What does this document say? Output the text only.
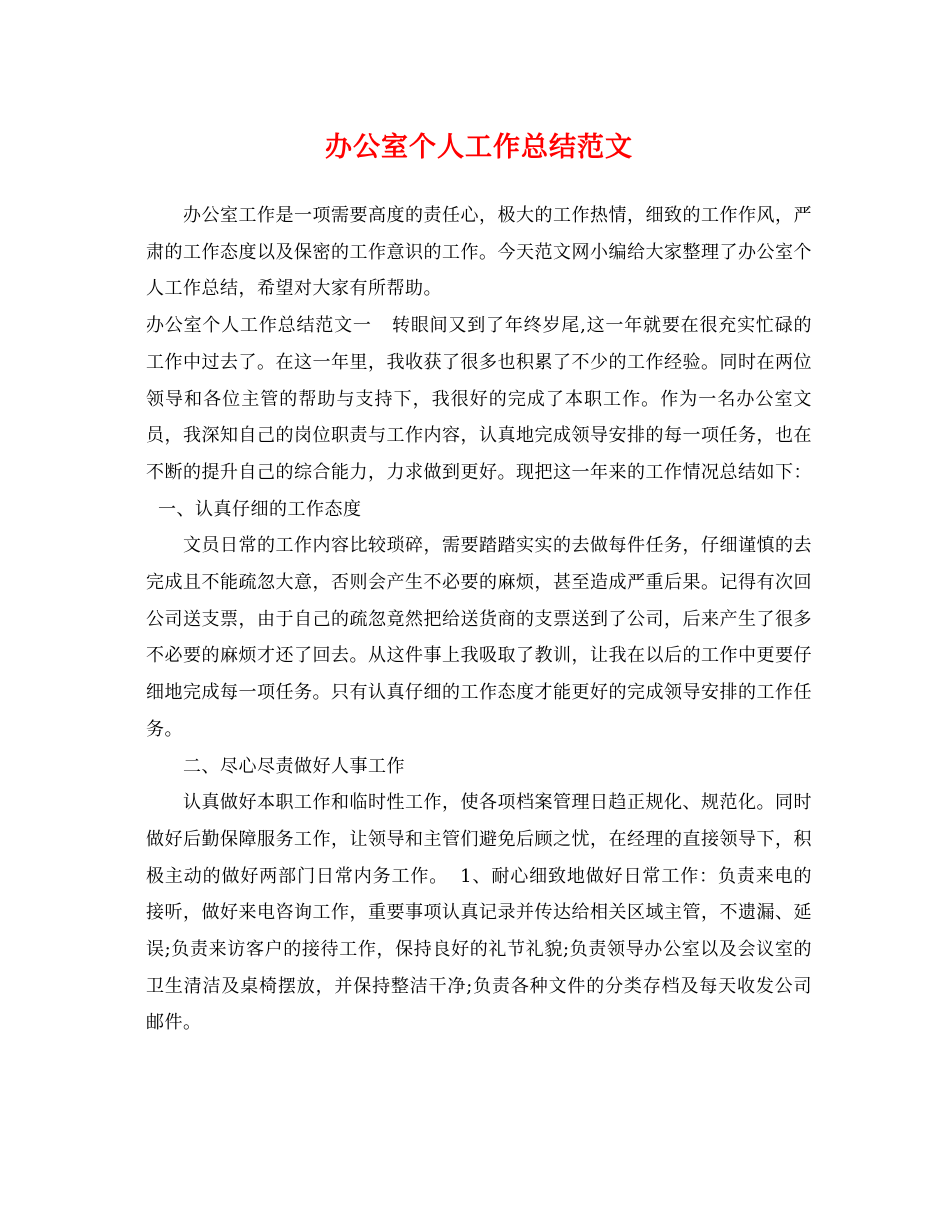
办公室个人工作总结范文

办公室工作是一项需要高度的责任心，极大的工作热情，细致的工作作风，严肃的工作态度以及保密的工作意识的工作。今天范文网小编给大家整理了办公室个人工作总结，希望对大家有所帮助。

办公室个人工作总结范文一 转眼间又到了年终岁尾,这一年就要在很充实忙碌的工作中过去了。在这一年里，我收获了很多也积累了不少的工作经验。同时在两位领导和各位主管的帮助与支持下，我很好的完成了本职工作。作为一名办公室文员，我深知自己的岗位职责与工作内容，认真地完成领导安排的每一项任务，也在不断的提升自己的综合能力，力求做到更好。现把这一年来的工作情况总结如下：一、认真仔细的工作态度

文员日常的工作内容比较琐碎，需要踏踏实实的去做每件任务，仔细谨慎的去完成且不能疏忽大意，否则会产生不必要的麻烦，甚至造成严重后果。记得有次回公司送支票，由于自己的疏忽竟然把给送货商的支票送到了公司，后来产生了很多不必要的麻烦才还了回去。从这件事上我吸取了教训，让我在以后的工作中更要仔细地完成每一项任务。只有认真仔细的工作态度才能更好的完成领导安排的工作任务。

二、尽心尽责做好人事工作

认真做好本职工作和临时性工作，使各项档案管理日趋正规化、规范化。同时做好后勤保障服务工作，让领导和主管们避免后顾之忧，在经理的直接领导下，积极主动的做好两部门日常内务工作。 1、耐心细致地做好日常工作：负责来电的接听，做好来电咨询工作，重要事项认真记录并传达给相关区域主管，不遗漏、延误;负责来访客户的接待工作，保持良好的礼节礼貌;负责领导办公室以及会议室的卫生清洁及桌椅摆放，并保持整洁干净;负责各种文件的分类存档及每天收发公司邮件。
